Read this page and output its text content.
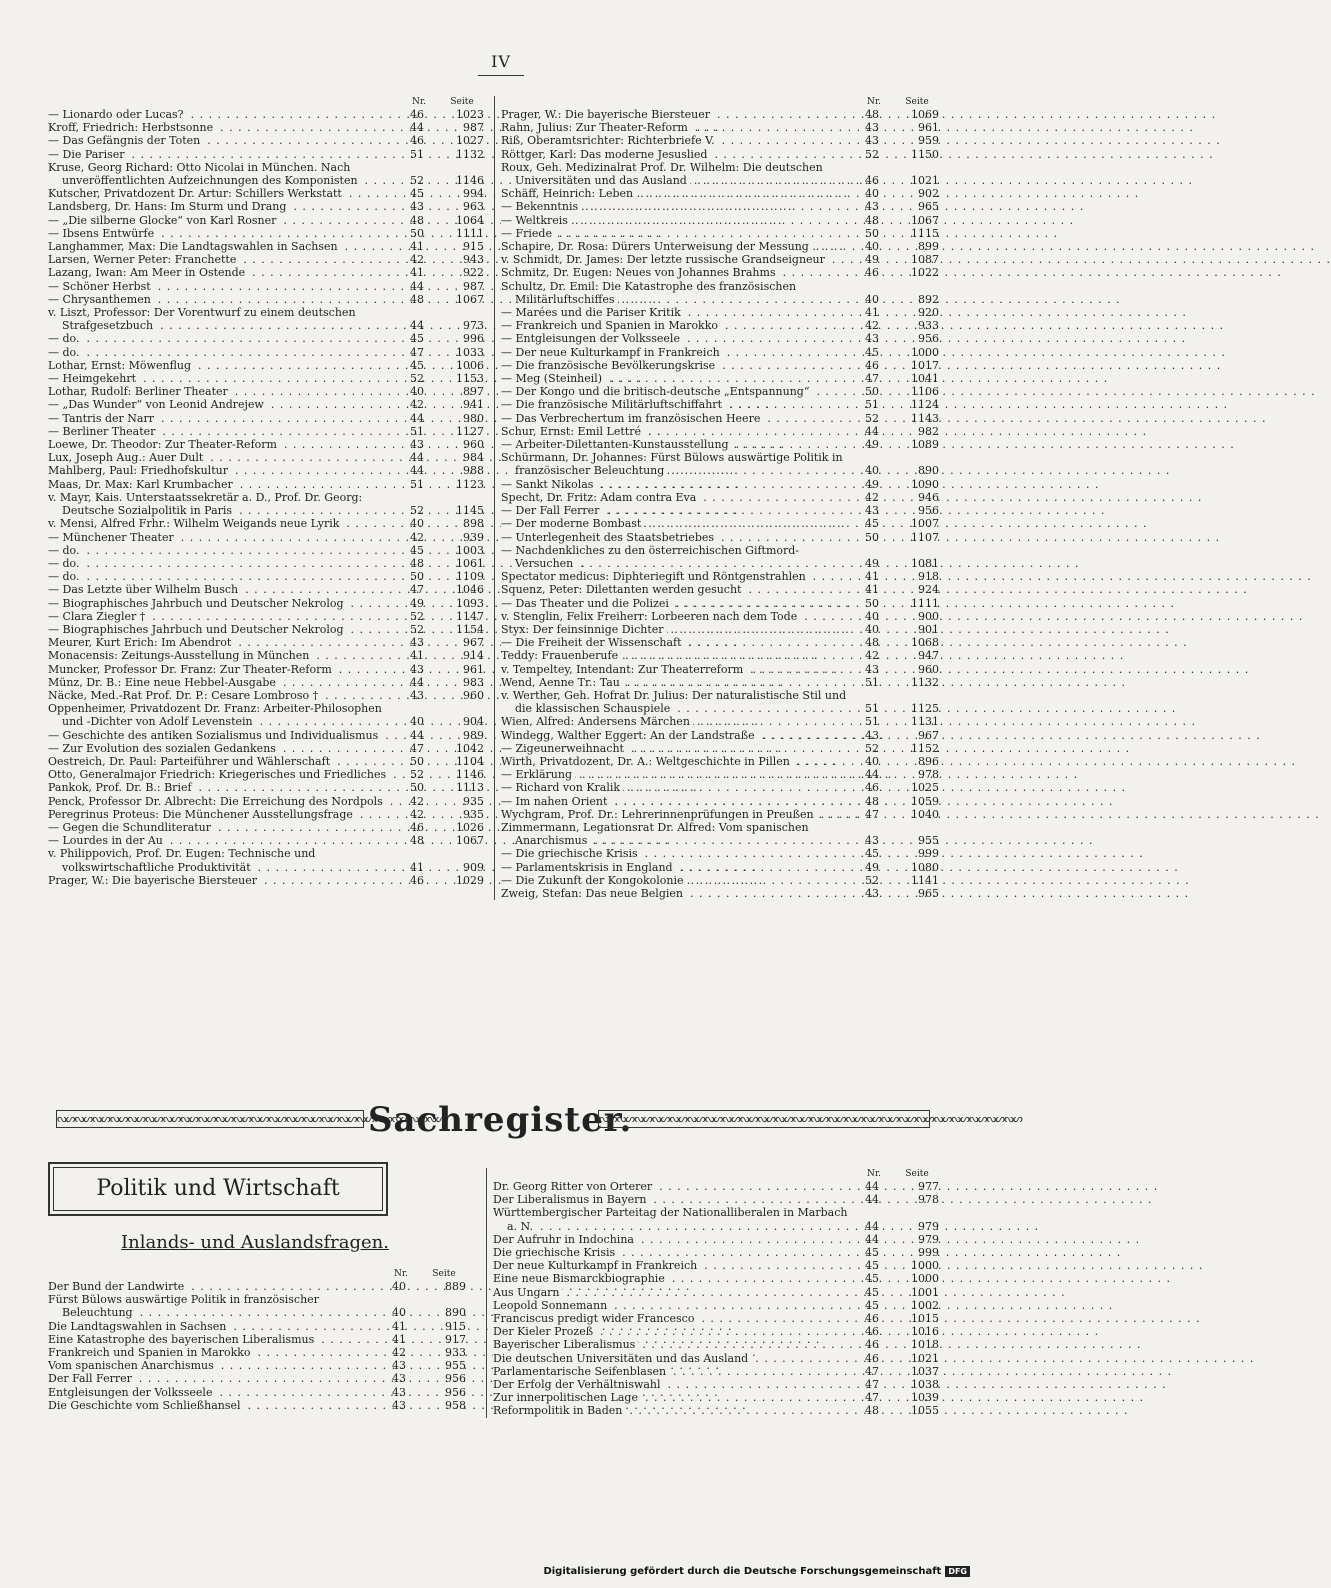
IV
Nr.	Seite
— Lionardo oder Lucas? . . .	46	1023
Kroff, Friedrich: Herbstsonne . . .	44	987
— Das Gefängnis der Toten . . .	46	1027
— Die Pariser . . .	51	1132
Kruse, Georg Richard: Otto Nicolai in München. Nach unveröffentlichten Aufzeichnungen des Komponisten . . .	52	1146
Kutscher, Privatdozent Dr. Artur: Schillers Werkstatt . . .	45	994
Landsberg, Dr. Hans: Im Sturm und Drang . . .	43	963
— „Die silberne Glocke“ von Karl Rosner . . .	48	1064
— Ibsens Entwürfe . . .	50	1111
Langhammer, Max: Die Landtagswahlen in Sachsen . . .	41	915
Larsen, Werner Peter: Franchette . . .	42	943
Lazang, Iwan: Am Meer in Ostende . . .	41	922
— Schöner Herbst . . .	44	987
— Chrysanthemen . . .	48	1067
v. Liszt, Professor: Der Vorentwurf zu einem deutschen Strafgesetzbuch . . .	44	973
— do. . . .	45	996
— do. . . .	47	1033
Lothar, Ernst: Möwenflug . . .	45	1006
— Heimgekehrt . . .	52	1153
Lothar, Rudolf: Berliner Theater . . .	40	897
— „Das Wunder“ von Leonid Andrejew . . .	42	941
— Tantris der Narr . . .	44	980
— Berliner Theater . . .	51	1127
Loewe, Dr. Theodor: Zur Theater-Reform . . .	43	960
Lux, Joseph Aug.: Auer Dult . . .	44	984
Mahlberg, Paul: Friedhofskultur . . .	44	988
Maas, Dr. Max: Karl Krumbacher . . .	51	1123
v. Mayr, Kais. Unterstaatssekretär a. D., Prof. Dr. Georg: Deutsche Sozialpolitik in Paris . . .	52	1145
v. Mensi, Alfred Frhr.: Wilhelm Weigands neue Lyrik . . .	40	898
— Münchener Theater . . .	42	939
— do. . . .	45	1003
— do. . . .	48	1061
— do. . . .	50	1109
— Das Letzte über Wilhelm Busch . . .	47	1046
— Biographisches Jahrbuch und Deutscher Nekrolog . . .	49	1093
— Clara Ziegler † . . .	52	1147
— Biographisches Jahrbuch und Deutscher Nekrolog . . .	52	1154
Meurer, Kurt Erich: Im Abendrot . . .	43	967
Monacensis: Zeitungs-Ausstellung in München . . .	41	914
Muncker, Professor Dr. Franz: Zur Theater-Reform . . .	43	961
Münz, Dr. B.: Eine neue Hebbel-Ausgabe . . .	44	983
Näcke, Med.-Rat Prof. Dr. P.: Cesare Lombroso † . . .	43	960
Oppenheimer, Privatdozent Dr. Franz: Arbeiter-Philosophen und -Dichter von Adolf Levenstein . . .	40	904
— Geschichte des antiken Sozialismus und Individualismus . . .	44	989
— Zur Evolution des sozialen Gedankens . . .	47	1042
Oestreich, Dr. Paul: Parteiführer und Wählerschaft . . .	50	1104
Otto, Generalmajor Friedrich: Kriegerisches und Friedliches . . .	52	1146
Pankok, Prof. Dr. B.: Brief . . .	50	1113
Penck, Professor Dr. Albrecht: Die Erreichung des Nordpols . . .	42	935
Peregrinus Proteus: Die Münchener Ausstellungsfrage . . .	42	935
— Gegen die Schundliteratur . . .	46	1026
— Lourdes in der Au . . .	48	1067
v. Philippovich, Prof. Dr. Eugen: Technische und volkswirtschaftliche Produktivität . . .	41	909
Prager, W.: Die bayerische Biersteuer . . .	46	1029
Nr.	Seite
Prager, W.: Die bayerische Biersteuer . . .	48	1069
Rahn, Julius: Zur Theater-Reform . . .	43	961
Riß, Oberamtsrichter: Richterbriefe V. . . .	43	959
Röttger, Karl: Das moderne Jesuslied . . .	52	1150
Roux, Geh. Medizinalrat Prof. Dr. Wilhelm: Die deutschen Universitäten und das Ausland . . .	46	1021
Schäff, Heinrich: Leben . . .	40	902
— Bekenntnis . . .	43	965
— Weltkreis . . .	48	1067
— Friede . . .	50	1115
Schapire, Dr. Rosa: Dürers Unterweisung der Messung . . .	40	899
v. Schmidt, Dr. James: Der letzte russische Grandseigneur . . .	49	1087
Schmitz, Dr. Eugen: Neues von Johannes Brahms . . .	46	1022
Schultz, Dr. Emil: Die Katastrophe des französischen Militärluftschiffes . . .	40	892
— Marées und die Pariser Kritik . . .	41	920
— Frankreich und Spanien in Marokko . . .	42	933
— Entgleisungen der Volksseele . . .	43	956
— Der neue Kulturkampf in Frankreich . . .	45	1000
— Die französische Bevölkerungskrise . . .	46	1017
— Meg (Steinheil) . . .	47	1041
— Der Kongo und die britisch-deutsche „Entspannung“ . . .	50	1106
— Die französische Militärluftschiffahrt . . .	51	1124
— Das Verbrechertum im französischen Heere . . .	52	1143
Schur, Ernst: Emil Lettré . . .	44	982
— Arbeiter-Dilettanten-Kunstausstellung . . .	49	1089
Schürmann, Dr. Johannes: Fürst Bülows auswärtige Politik in französischer Beleuchtung . . .	40	890
— Sankt Nikolas . . .	49	1090
Specht, Dr. Fritz: Adam contra Eva . . .	42	946
— Der Fall Ferrer . . .	43	956
— Der moderne Bombast . . .	45	1007
— Unterlegenheit des Staatsbetriebes . . .	50	1107
— Nachdenkliches zu den österreichischen Giftmord-Versuchen . . .	49	1081
Spectator medicus: Diphteriegift und Röntgenstrahlen . . .	41	918
Squenz, Peter: Dilettanten werden gesucht . . .	41	924
— Das Theater und die Polizei . . .	50	1111
v. Stenglin, Felix Freiherr: Lorbeeren nach dem Tode . . .	40	900
Styx: Der feinsinnige Dichter . . .	40	901
— Die Freiheit der Wissenschaft . . .	48	1068
Teddy: Frauenberufe . . .	42	947
v. Tempeltey, Intendant: Zur Theaterreform . . .	43	960
Wend, Aenne Tr.: Tau . . .	51	1132
v. Werther, Geh. Hofrat Dr. Julius: Der naturalistische Stil und die klassischen Schauspiele . . .	51	1125
Wien, Alfred: Andersens Märchen . . .	51	1131
Windegg, Walther Eggert: An der Landstraße . . .	43	967
— Zigeunerweihnacht . . .	52	1152
Wirth, Privatdozent, Dr. A.: Weltgeschichte in Pillen . . .	40	896
— Erklärung . . .	44	978
— Richard von Kralik . . .	46	1025
— Im nahen Orient . . .	48	1059
Wychgram, Prof. Dr.: Lehrerinnenprüfungen in Preußen . . .	47	1040
Zimmermann, Legationsrat Dr. Alfred: Vom spanischen Anarchismus . . .	43	955
— Die griechische Krisis . . .	45	999
— Parlamentskrisis in England . . .	49	1080
— Die Zukunft der Kongokolonie . . .	52	1141
Zweig, Stefan: Das neue Belgien . . .	43	965
ᔓᔕᔓᔕᔓᔕᔓᔕᔓᔕᔓᔕᔓᔕᔓᔕᔓᔕᔓᔕᔓᔕᔓᔕᔓᔕᔓᔕᔓᔕᔓᔕᔓᔕᔓᔕᔓᔕᔓᔕᔓᔕᔓᔕ
Sachregister.
ᔓᔕᔓᔕᔓᔕᔓᔕᔓᔕᔓᔕᔓᔕᔓᔕᔓᔕᔓᔕᔓᔕᔓᔕᔓᔕᔓᔕᔓᔕᔓᔕᔓᔕᔓᔕᔓᔕᔓᔕᔓᔕᔓᔕᔓᔕᔓᔕ
Politik und Wirtschaft
Inlands- und Auslandsfragen.
Nr.	Seite
Der Bund der Landwirte . . .	40	889
Fürst Bülows auswärtige Politik in französischer Beleuchtung . . .	40	890
Die Landtagswahlen in Sachsen . . .	41	915
Eine Katastrophe des bayerischen Liberalismus . . .	41	917
Frankreich und Spanien in Marokko . . .	42	933
Vom spanischen Anarchismus . . .	43	955
Der Fall Ferrer . . .	43	956
Entgleisungen der Volksseele . . .	43	956
Die Geschichte vom Schließhansel . . .	43	958
Nr.	Seite
Dr. Georg Ritter von Orterer . . .	44	977
Der Liberalismus in Bayern . . .	44	978
Württembergischer Parteitag der Nationalliberalen in Marbach a. N. . . .	44	979
Der Aufruhr in Indochina . . .	44	979
Die griechische Krisis . . .	45	999
Der neue Kulturkampf in Frankreich . . .	45	1000
Eine neue Bismarckbiographie . . .	45	1000
Aus Ungarn . . .	45	1001
Leopold Sonnemann . . .	45	1002
Franciscus predigt wider Francesco . . .	46	1015
Der Kieler Prozeß . . .	46	1016
Bayerischer Liberalismus . . .	46	1018
Die deutschen Universitäten und das Ausland . . .	46	1021
Parlamentarische Seifenblasen . . .	47	1037
Der Erfolg der Verhältniswahl . . .	47	1038
Zur innerpolitischen Lage . . .	47	1039
Reformpolitik in Baden . . .	48	1055
Digitalisierung gefördert durch die Deutsche Forschungsgemeinschaft DFG
